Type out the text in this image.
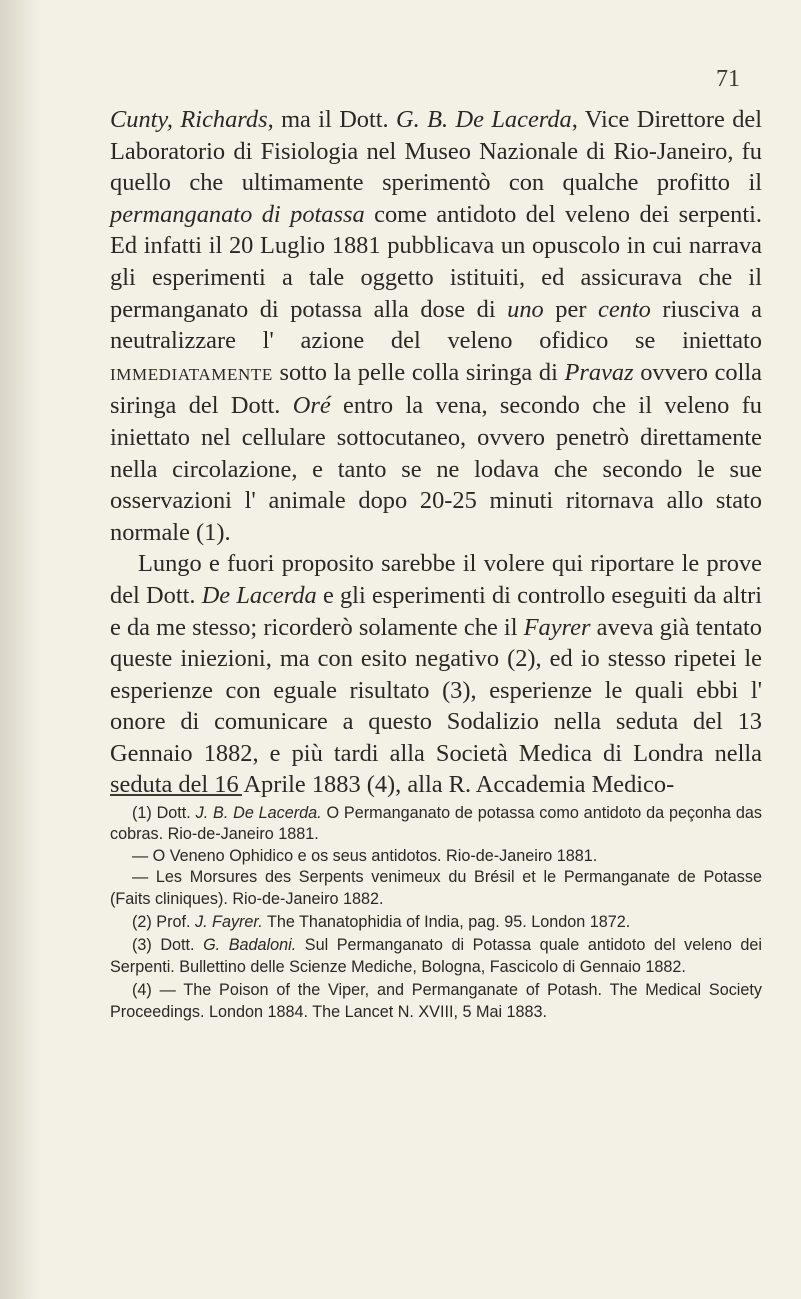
71

Cunty, Richards, ma il Dott. G. B. De Lacerda, Vice Direttore del Laboratorio di Fisiologia nel Museo Nazionale di Rio-Janeiro, fu quello che ultimamente sperimentò con qualche profitto il permanganato di potassa come antidoto del veleno dei serpenti. Ed infatti il 20 Luglio 1881 pubblicava un opuscolo in cui narrava gli esperimenti a tale oggetto istituiti, ed assicurava che il permanganato di potassa alla dose di uno per cento riusciva a neutralizzare l' azione del veleno ofidico se iniettato IMMEDIATAMENTE sotto la pelle colla siringa di Pravaz ovvero colla siringa del Dott. Oré entro la vena, secondo che il veleno fu iniettato nel cellulare sottocutaneo, ovvero penetrò direttamente nella circolazione, e tanto se ne lodava che secondo le sue osservazioni l' animale dopo 20-25 minuti ritornava allo stato normale (1).

Lungo e fuori proposito sarebbe il volere qui riportare le prove del Dott. De Lacerda e gli esperimenti di controllo eseguiti da altri e da me stesso; ricorderò solamente che il Fayrer aveva già tentato queste iniezioni, ma con esito negativo (2), ed io stesso ripetei le esperienze con eguale risultato (3), esperienze le quali ebbi l' onore di comunicare a questo Sodalizio nella seduta del 13 Gennaio 1882, e più tardi alla Società Medica di Londra nella seduta del 16 Aprile 1883 (4), alla R. Accademia Medico-

(1) Dott. J. B. De Lacerda. O Permanganato de potassa como antidoto da peçonha das cobras. Rio-de-Janeiro 1881.

— O Veneno Ophidico e os seus antidotos. Rio-de-Janeiro 1881.

— Les Morsures des Serpents venimeux du Brésil et le Permanganate de Potasse (Faits cliniques). Rio-de-Janeiro 1882.

(2) Prof. J. Fayrer. The Thanatophidia of India, pag. 95. London 1872.

(3) Dott. G. Badaloni. Sul Permanganato di Potassa quale antidoto del veleno dei Serpenti. Bullettino delle Scienze Mediche, Bologna, Fascicolo di Gennaio 1882.

(4) — The Poison of the Viper, and Permanganate of Potash. The Medical Society Proceedings. London 1884. The Lancet N. XVIII, 5 Mai 1883.
